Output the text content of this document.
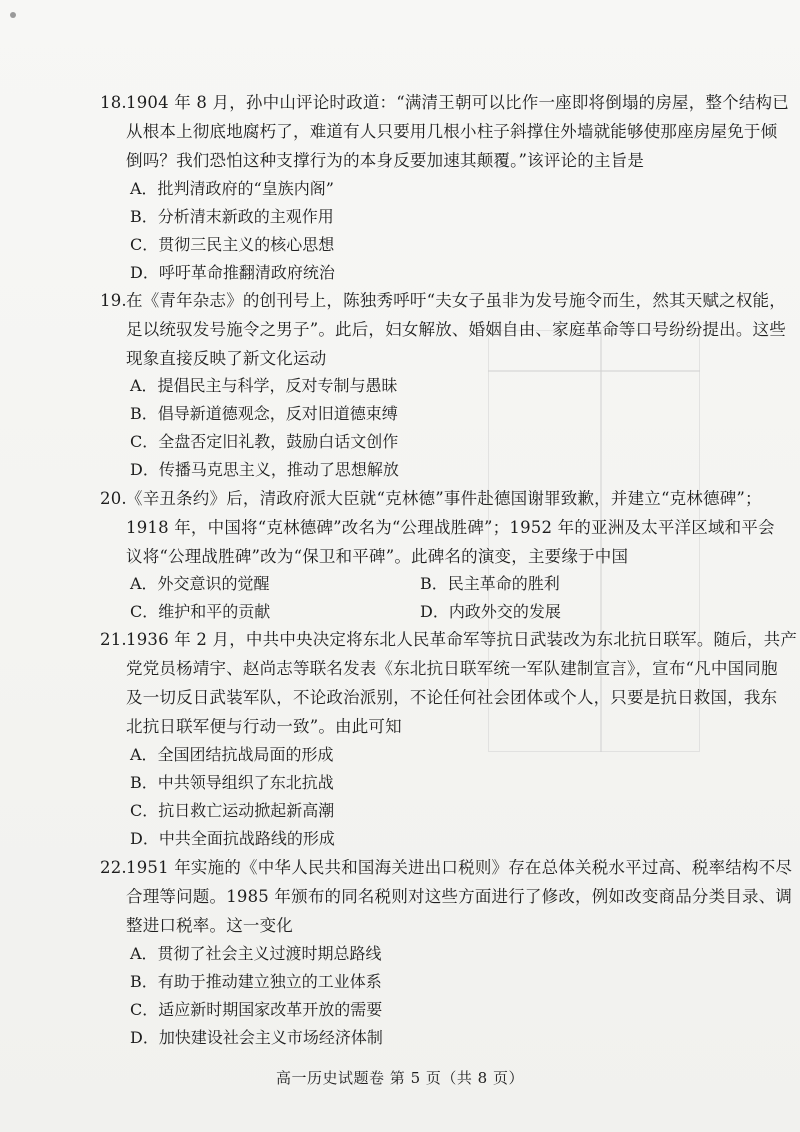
18. 1904 年 8 月，孙中山评论时政道：“满清王朝可以比作一座即将倒塌的房屋，整个结构已
从根本上彻底地腐朽了，难道有人只要用几根小柱子斜撑住外墙就能够使那座房屋免于倾
倒吗？我们恐怕这种支撑行为的本身反要加速其颠覆。”该评论的主旨是
A．批判清政府的“皇族内阁”
B．分析清末新政的主观作用
C．贯彻三民主义的核心思想
D．呼吁革命推翻清政府统治
19. 在《青年杂志》的创刊号上，陈独秀呼吁“夫女子虽非为发号施令而生，然其天赋之权能，
足以统驭发号施令之男子”。此后，妇女解放、婚姻自由、家庭革命等口号纷纷提出。这些
现象直接反映了新文化运动
A．提倡民主与科学，反对专制与愚昧
B．倡导新道德观念，反对旧道德束缚
C．全盘否定旧礼教，鼓励白话文创作
D．传播马克思主义，推动了思想解放
20. 《辛丑条约》后，清政府派大臣就“克林德”事件赴德国谢罪致歉，并建立“克林德碑”；
1918 年，中国将“克林德碑”改名为“公理战胜碑”；1952 年的亚洲及太平洋区域和平会
议将“公理战胜碑”改为“保卫和平碑”。此碑名的演变，主要缘于中国
A．外交意识的觉醒	B．民主革命的胜利
C．维护和平的贡献	D．内政外交的发展
21. 1936 年 2 月，中共中央决定将东北人民革命军等抗日武装改为东北抗日联军。随后，共产
党党员杨靖宇、赵尚志等联名发表《东北抗日联军统一军队建制宣言》，宣布“凡中国同胞
及一切反日武装军队，不论政治派别，不论任何社会团体或个人，只要是抗日救国，我东
北抗日联军便与行动一致”。由此可知
A．全国团结抗战局面的形成
B．中共领导组织了东北抗战
C．抗日救亡运动掀起新高潮
D．中共全面抗战路线的形成
22. 1951 年实施的《中华人民共和国海关进出口税则》存在总体关税水平过高、税率结构不尽
合理等问题。1985 年颁布的同名税则对这些方面进行了修改，例如改变商品分类目录、调
整进口税率。这一变化
A．贯彻了社会主义过渡时期总路线
B．有助于推动建立独立的工业体系
C．适应新时期国家改革开放的需要
D．加快建设社会主义市场经济体制
高一历史试题卷 第 5 页（共 8 页）
